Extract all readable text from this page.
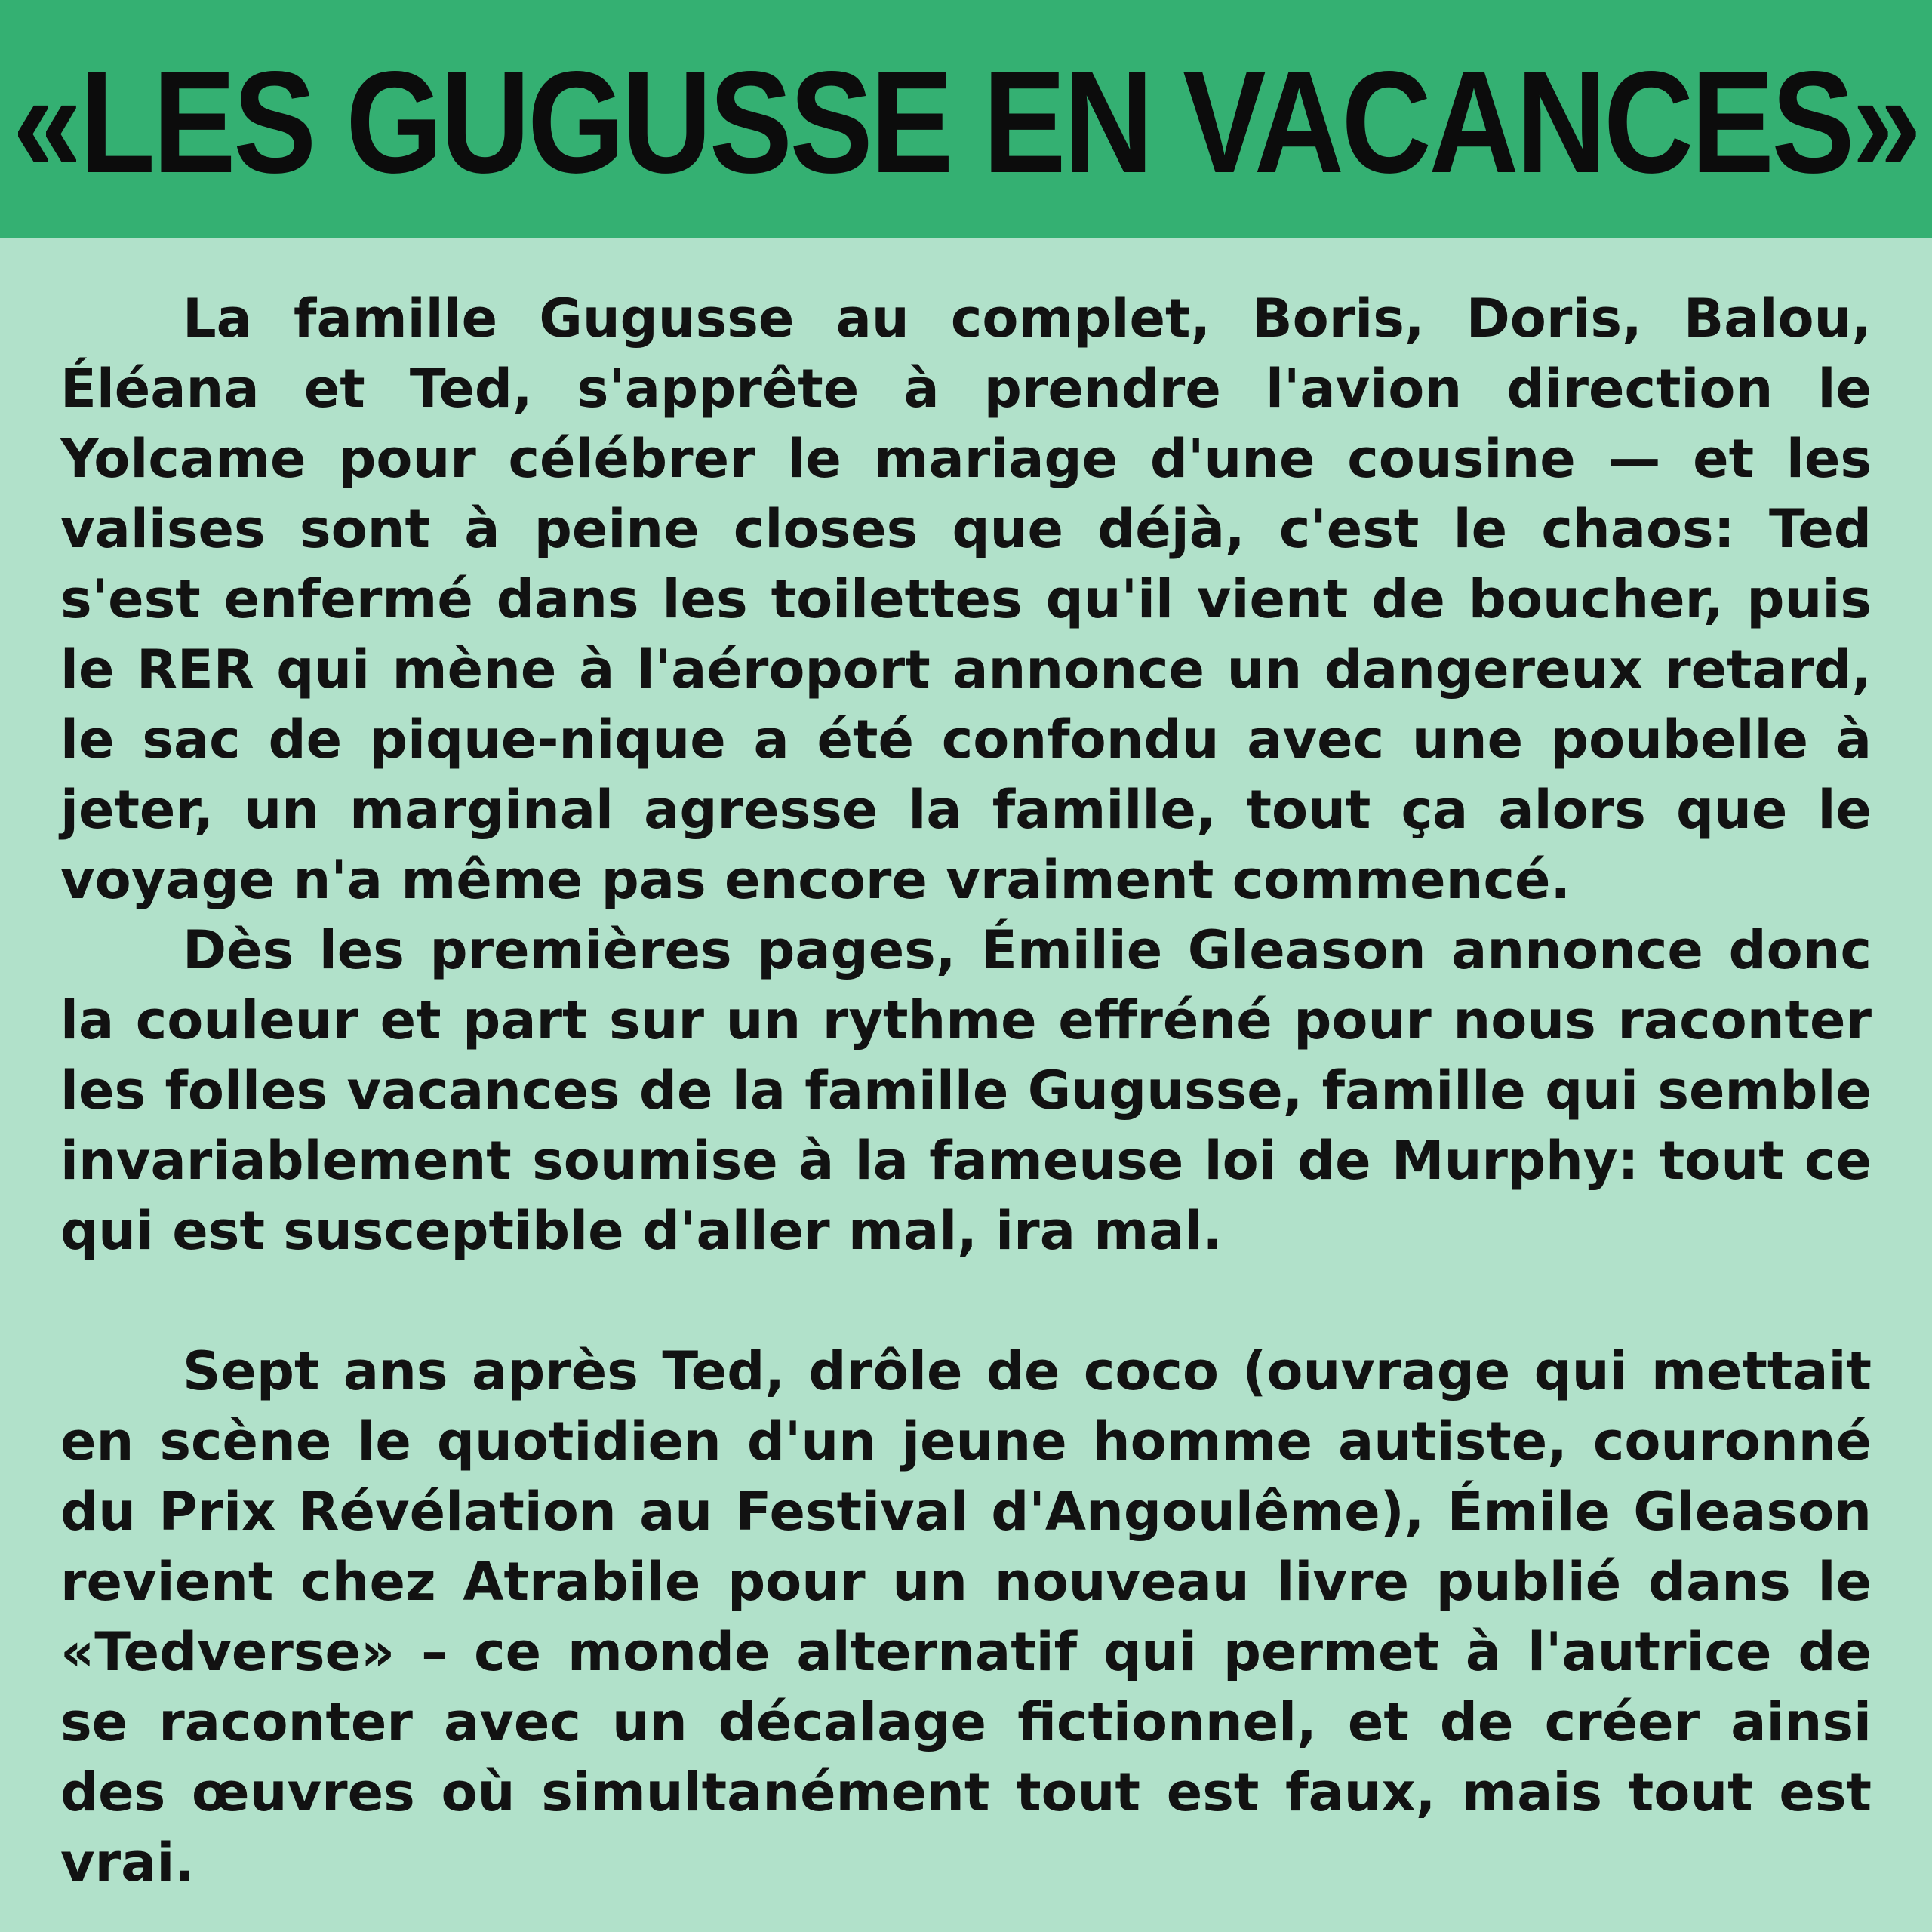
«LES GUGUSSE EN VACANCES»

La famille Gugusse au complet, Boris, Doris, Balou, Éléana et Ted, s'apprête à prendre l'avion direction le Yolcame pour célébrer le mariage d'une cousine — et les valises sont à peine closes que déjà, c'est le chaos: Ted s'est enfermé dans les toilettes qu'il vient de boucher, puis le RER qui mène à l'aéroport annonce un dangereux retard, le sac de pique-nique a été confondu avec une poubelle à jeter, un marginal agresse la famille, tout ça alors que le voyage n'a même pas encore vraiment commencé.

Dès les premières pages, Émilie Gleason annonce donc la couleur et part sur un rythme effréné pour nous raconter les folles vacances de la famille Gugusse, famille qui semble invariablement soumise à la fameuse loi de Murphy: tout ce qui est susceptible d'aller mal, ira mal.

Sept ans après Ted, drôle de coco (ouvrage qui mettait en scène le quotidien d'un jeune homme autiste, couronné du Prix Révélation au Festival d'Angoulême), Émile Gleason revient chez Atrabile pour un nouveau livre publié dans le «Tedverse» – ce monde alternatif qui permet à l'autrice de se raconter avec un décalage fictionnel, et de créer ainsi des œuvres où simultanément tout est faux, mais tout est vrai.
